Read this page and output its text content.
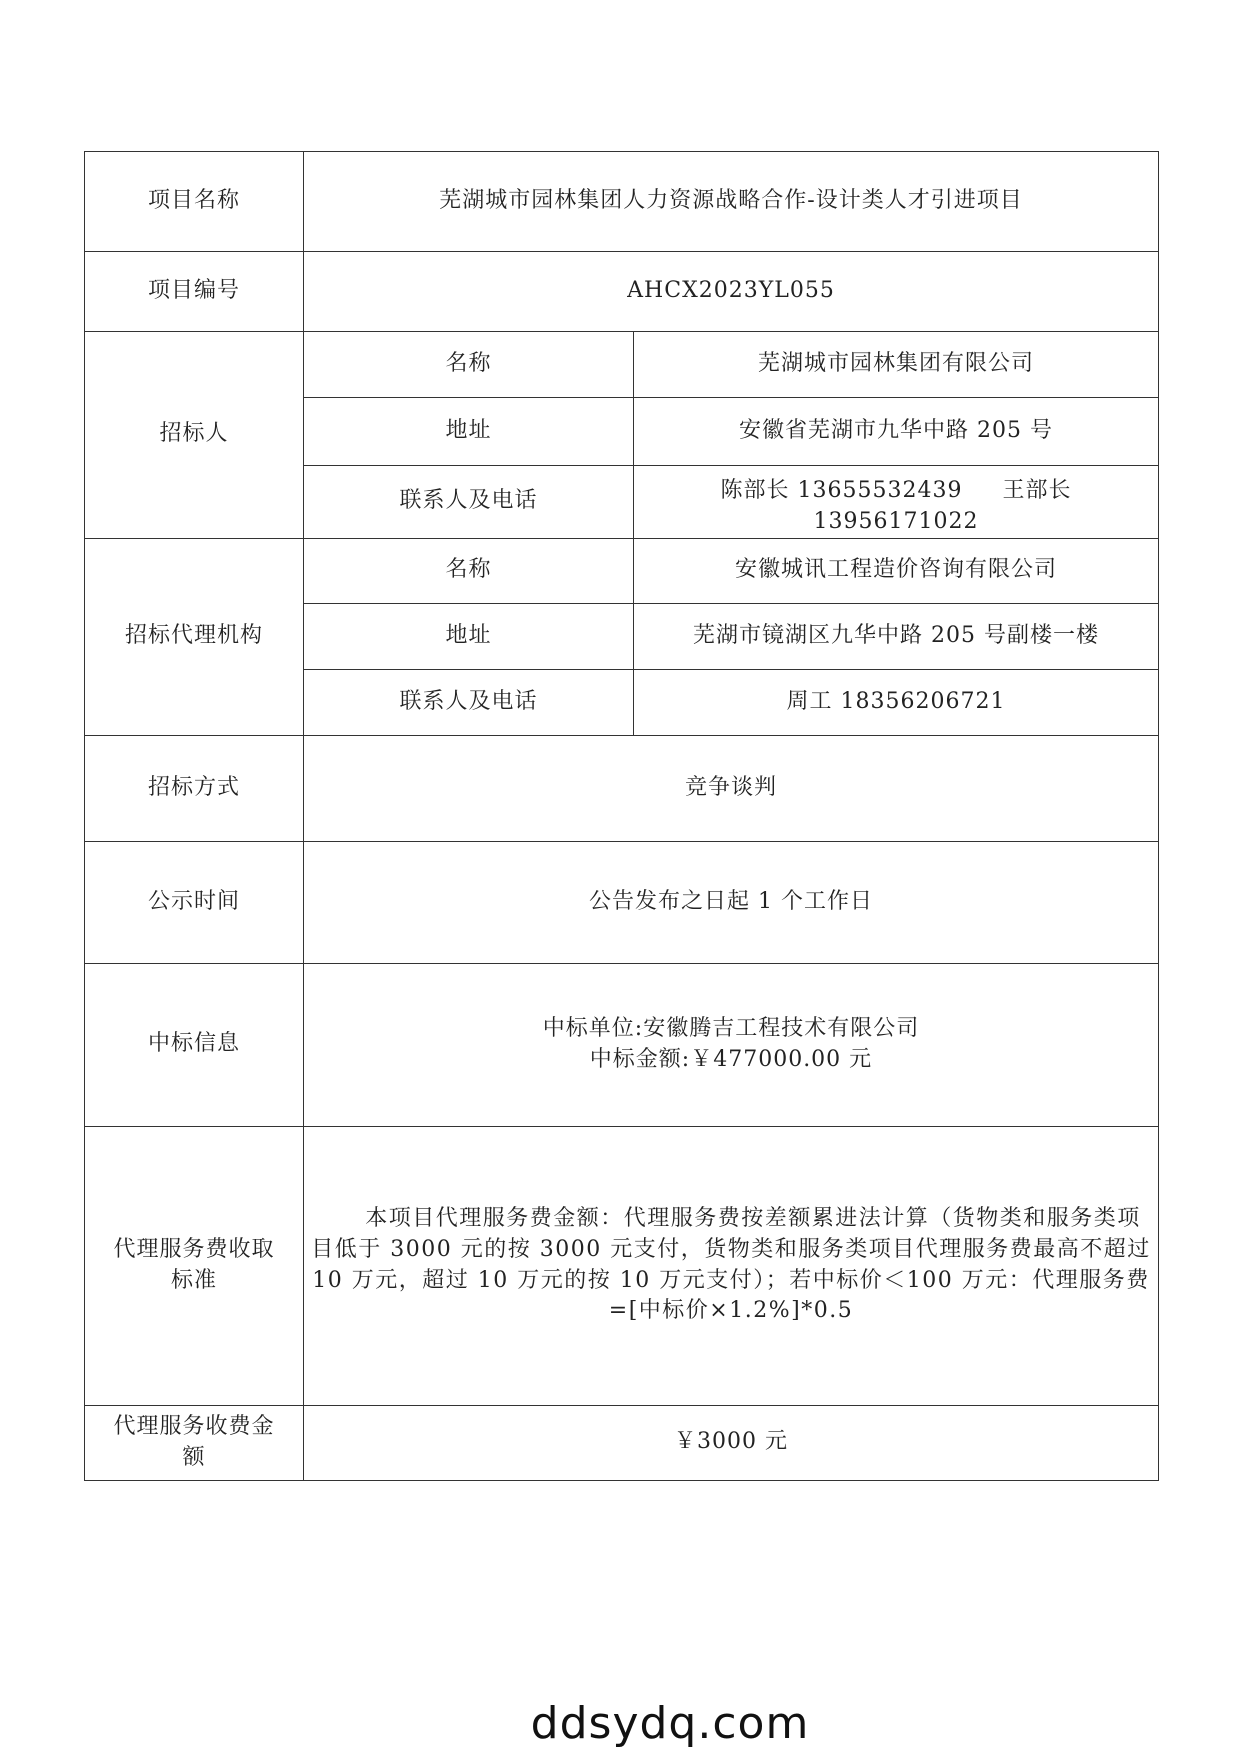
项目名称	芜湖城市园林集团人力资源战略合作-设计类人才引进项目	
项目编号	AHCX2023YL055	
招标人	名称	芜湖城市园林集团有限公司
	地址	安徽省芜湖市九华中路 205 号
	联系人及电话	陈部长 13655532439 王部长 13956171022
招标代理机构	名称	安徽城讯工程造价咨询有限公司
	地址	芜湖市镜湖区九华中路 205 号副楼一楼
	联系人及电话	周工 18356206721
招标方式	竞争谈判	
公示时间	公告发布之日起 1 个工作日	
中标信息	中标单位:安徽腾吉工程技术有限公司
中标金额:￥477000.00 元	

代理服务费收取
标准	本项目代理服务费金额：代理服务费按差额累进法计算（货物类和服务类项目低于 3000 元的按 3000 元支付，货物类和服务类项目代理服务费最高不超过 10 万元，超过 10 万元的按 10 万元支付）；若中标价＜100 万元：代理服务费=[中标价×1.2%]*0.5	

代理服务收费金
额	￥3000 元	
ddsydq.com
